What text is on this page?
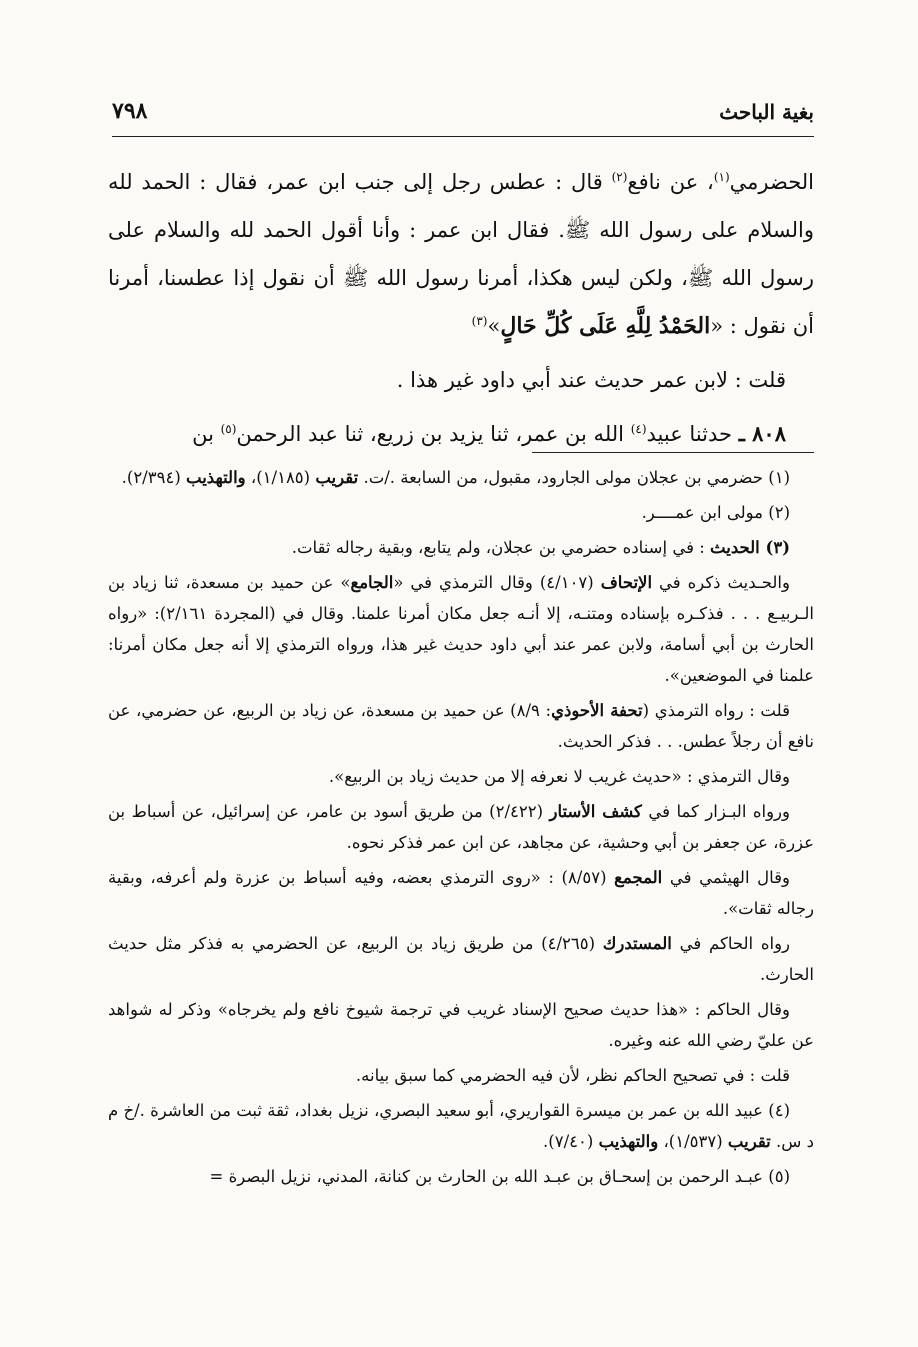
بغية الباحث
٧٩٨

الحضرمي$^{(١)}$، عن نافع$^{(٢)}$ قال : عطس رجل إلى جنب ابن عمر، فقال : الحمد لله والسلام على رسول الله ﷺ. فقال ابن عمر : وأنا أقول الحمد لله والسلام على رسول الله ﷺ، ولكن ليس هكذا، أمرنا رسول الله ﷺ أن نقول إذا عطسنا، أمرنا أن نقول : «الحَمْدُ لِلَّهِ عَلَى كُلِّ حَالٍ»$^{(٣)}$

قلت : لابن عمر حديث عند أبي داود غير هذا .

٨٠٨ ـ حدثنا عبيد$^{(٤)}$ الله بن عمر، ثنا يزيد بن زريع، ثنا عبد الرحمن$^{(٥)}$ بن

(١) حضرمي بن عجلان مولى الجارود، مقبول، من السابعة ./ت. تقريب (١/١٨٥)، والتهذيب (٢/٣٩٤).

(٢) مولى ابن عمــــر.

(٣) الحديث : في إسناده حضرمي بن عجلان، ولم يتابع، وبقية رجاله ثقات.

والحـديث ذكره في الإتحاف (٤/١٠٧) وقال الترمذي في «الجامع» عن حميد بن مسعدة، ثنا زياد بن الـربيـع . . . فذكـره بإسناده ومتنـه، إلا أنـه جعل مكان أمرنا علمنا. وقال في (المجردة ٢/١٦١): «رواه الحارث بن أبي أسامة، ولابن عمر عند أبي داود حديث غير هذا، ورواه الترمذي إلا أنه جعل مكان أمرنا: علمنا في الموضعين».

قلت : رواه الترمذي (تحفة الأحوذي: ٨/٩) عن حميد بن مسعدة، عن زياد بن الربيع، عن حضرمي، عن نافع أن رجلاً عطس. . . فذكر الحديث.

وقال الترمذي : «حديث غريب لا نعرفه إلا من حديث زياد بن الربيع».

ورواه البـزار كما في كشف الأستار (٢/٤٢٢) من طريق أسود بن عامر، عن إسرائيل، عن أسباط بن عزرة، عن جعفر بن أبي وحشية، عن مجاهد، عن ابن عمر فذكر نحوه.

وقال الهيثمي في المجمع (٨/٥٧) : «روى الترمذي بعضه، وفيه أسباط بن عزرة ولم أعرفه، وبقية رجاله ثقات».

رواه الحاكم في المستدرك (٤/٢٦٥) من طريق زياد بن الربيع، عن الحضرمي به فذكر مثل حديث الحارث.

وقال الحاكم : «هذا حديث صحيح الإسناد غريب في ترجمة شيوخ نافع ولم يخرجاه» وذكر له شواهد عن عليّ رضي الله عنه وغيره.

قلت : في تصحيح الحاكم نظر، لأن فيه الحضرمي كما سبق بيانه.

(٤) عبيد الله بن عمر بن ميسرة القواريري، أبو سعيد البصري، نزيل بغداد، ثقة ثبت من العاشرة ./خ م د س. تقريب (١/٥٣٧)، والتهذيب (٧/٤٠).

(٥) عبـد الرحمن بن إسحـاق بن عبـد الله بن الحارث بن كنانة، المدني، نزيل البصرة =
